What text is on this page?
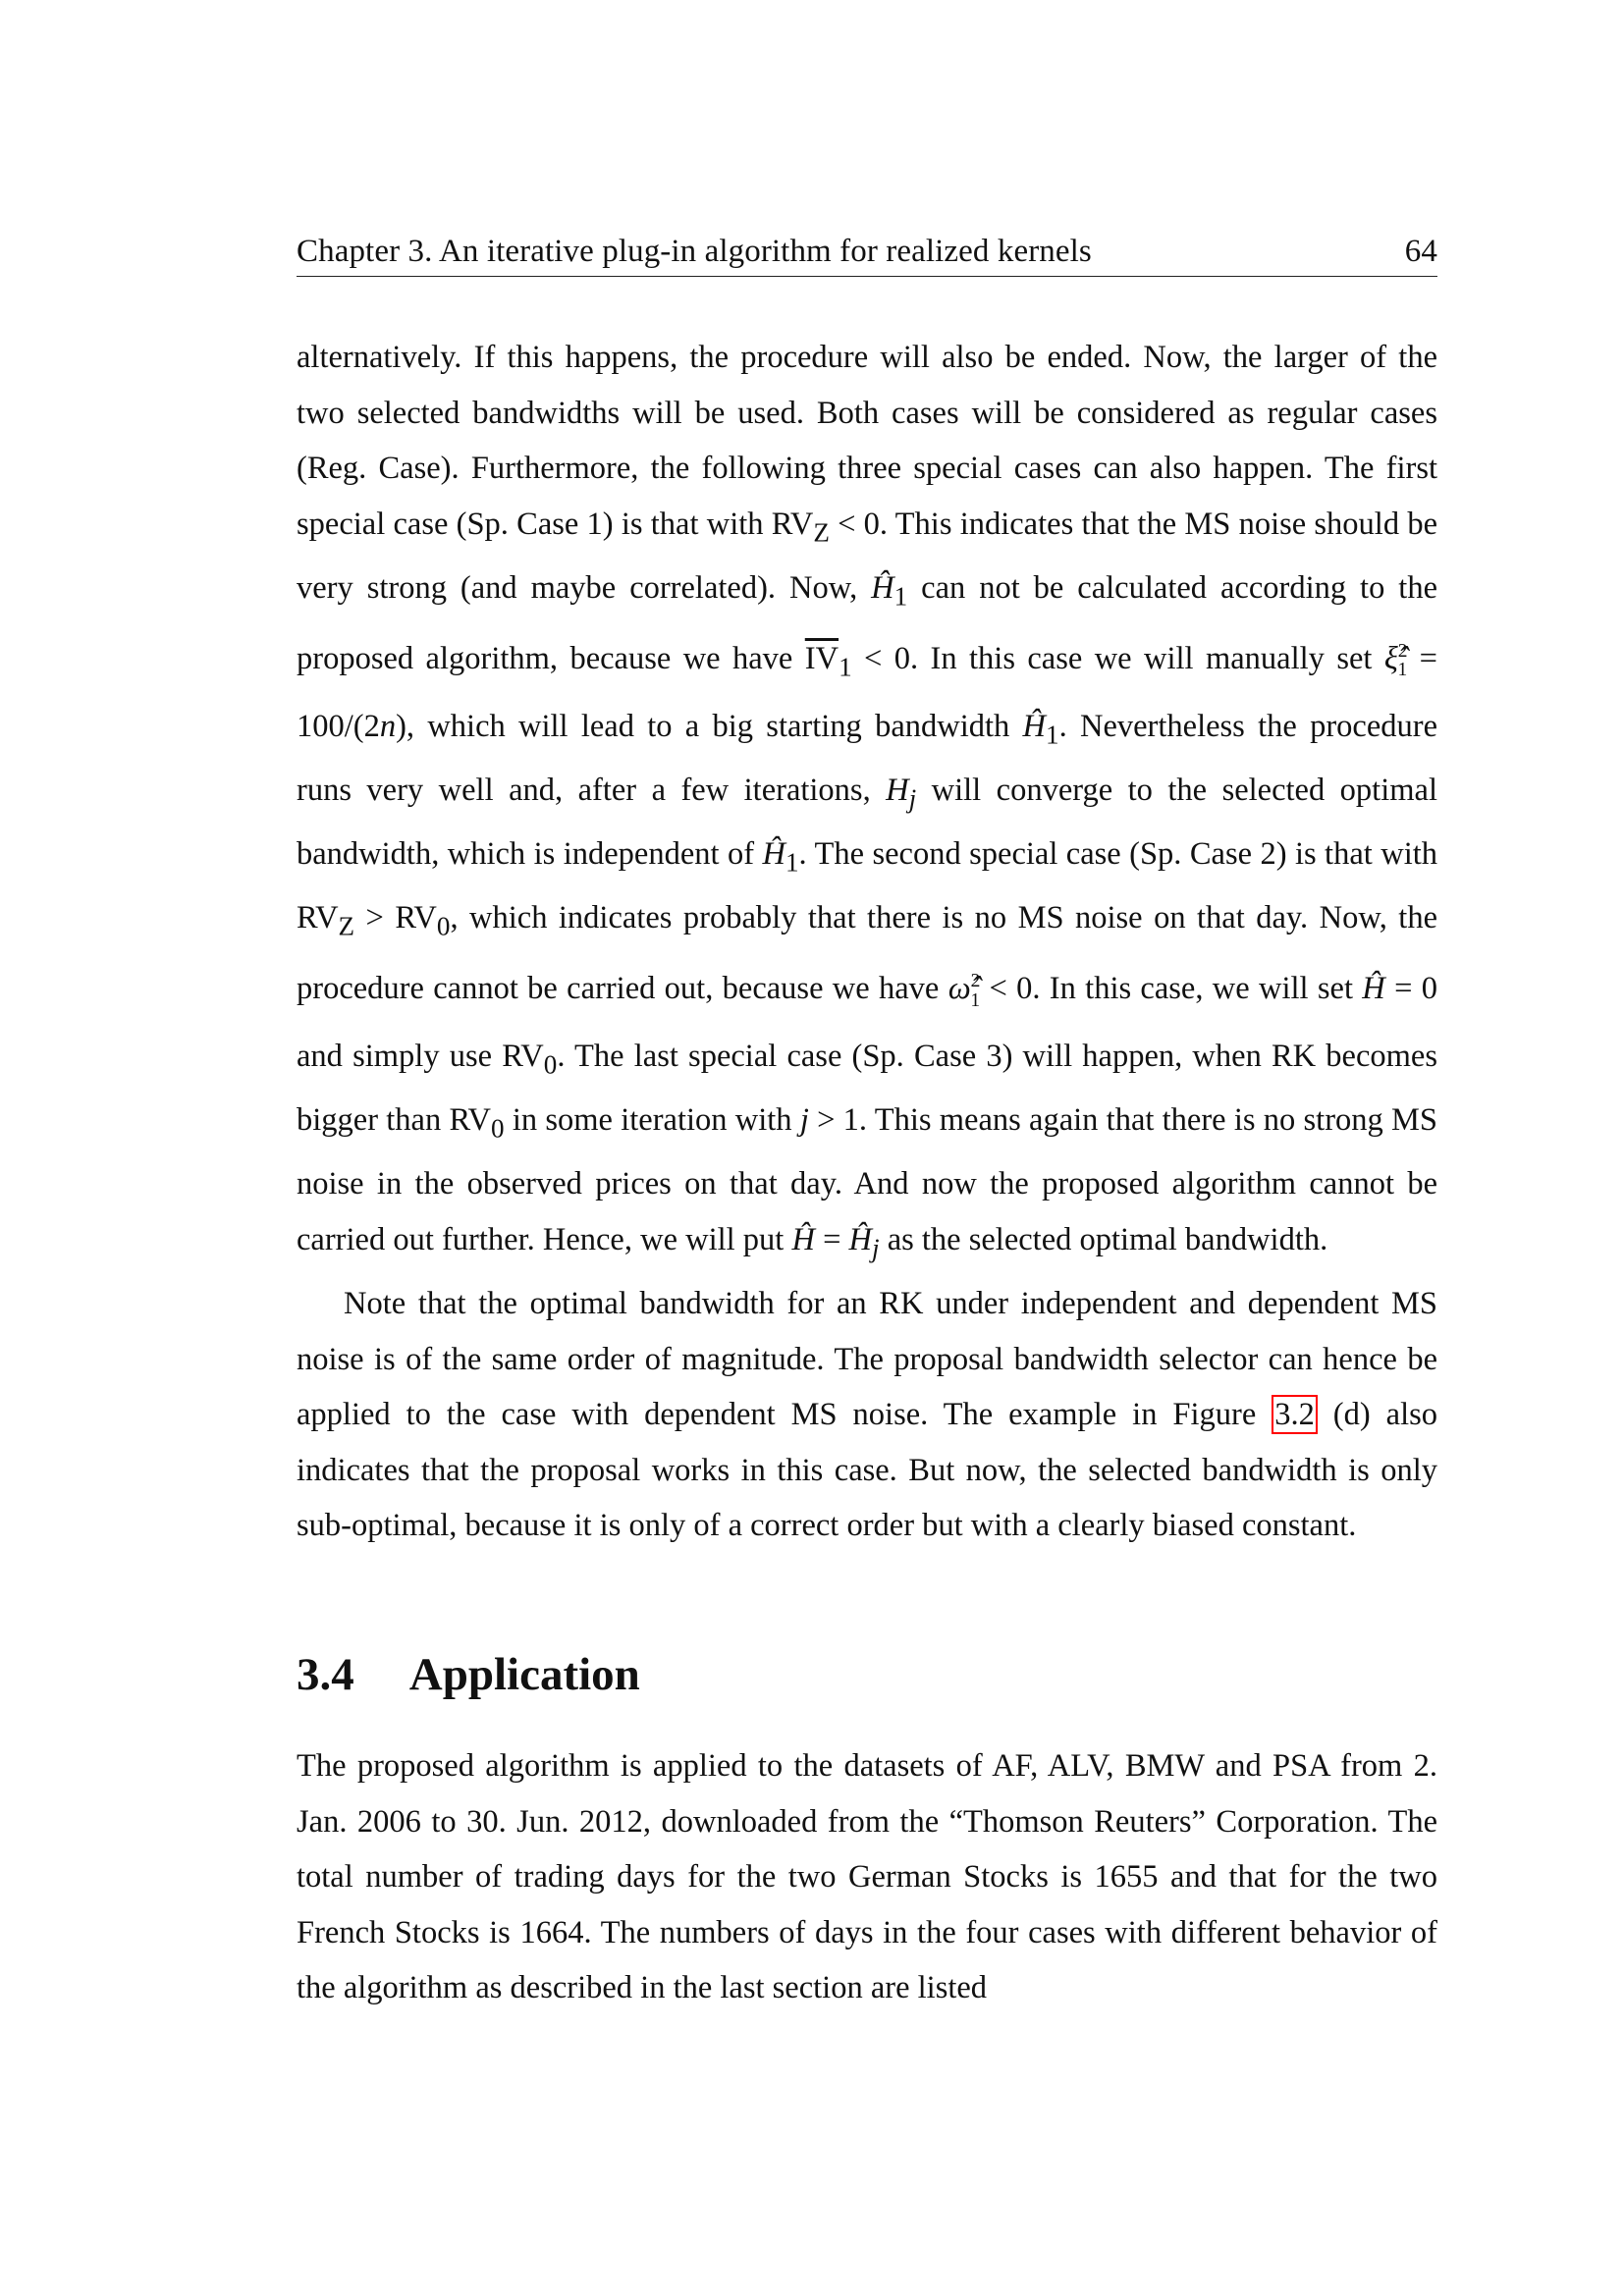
Chapter 3. An iterative plug-in algorithm for realized kernels	64

alternatively. If this happens, the procedure will also be ended. Now, the larger of the two selected bandwidths will be used. Both cases will be considered as regular cases (Reg. Case). Furthermore, the following three special cases can also happen. The first special case (Sp. Case 1) is that with $RV_Z < 0$. This indicates that the MS noise should be very strong (and maybe correlated). Now, $Ĥ_1$ can not be calculated according to the proposed algorithm, because we have $\overline{IV}_1 < 0$. In this case we will manually set ξ̂$^2_1$ = 100/(2n), which will lead to a big starting bandwidth $Ĥ_1$. Nevertheless the procedure runs very well and, after a few iterations, $H_j$ will converge to the selected optimal bandwidth, which is independent of $Ĥ_1$. The second special case (Sp. Case 2) is that with $RV_Z > RV_0$, which indicates probably that there is no MS noise on that day. Now, the procedure cannot be carried out, because we have ω̂$^2_1$ < 0. In this case, we will set Ĥ = 0 and simply use $RV_0$. The last special case (Sp. Case 3) will happen, when RK becomes bigger than $RV_0$ in some iteration with j > 1. This means again that there is no strong MS noise in the observed prices on that day. And now the proposed algorithm cannot be carried out further. Hence, we will put Ĥ = $Ĥ_j$ as the selected optimal bandwidth.

Note that the optimal bandwidth for an RK under independent and dependent MS noise is of the same order of magnitude. The proposal bandwidth selector can hence be applied to the case with dependent MS noise. The example in Figure 3.2 (d) also indicates that the proposal works in this case. But now, the selected bandwidth is only sub-optimal, because it is only of a correct order but with a clearly biased constant.

3.4 Application

The proposed algorithm is applied to the datasets of AF, ALV, BMW and PSA from 2. Jan. 2006 to 30. Jun. 2012, downloaded from the “Thomson Reuters” Corporation. The total number of trading days for the two German Stocks is 1655 and that for the two French Stocks is 1664. The numbers of days in the four cases with different behavior of the algorithm as described in the last section are listed
